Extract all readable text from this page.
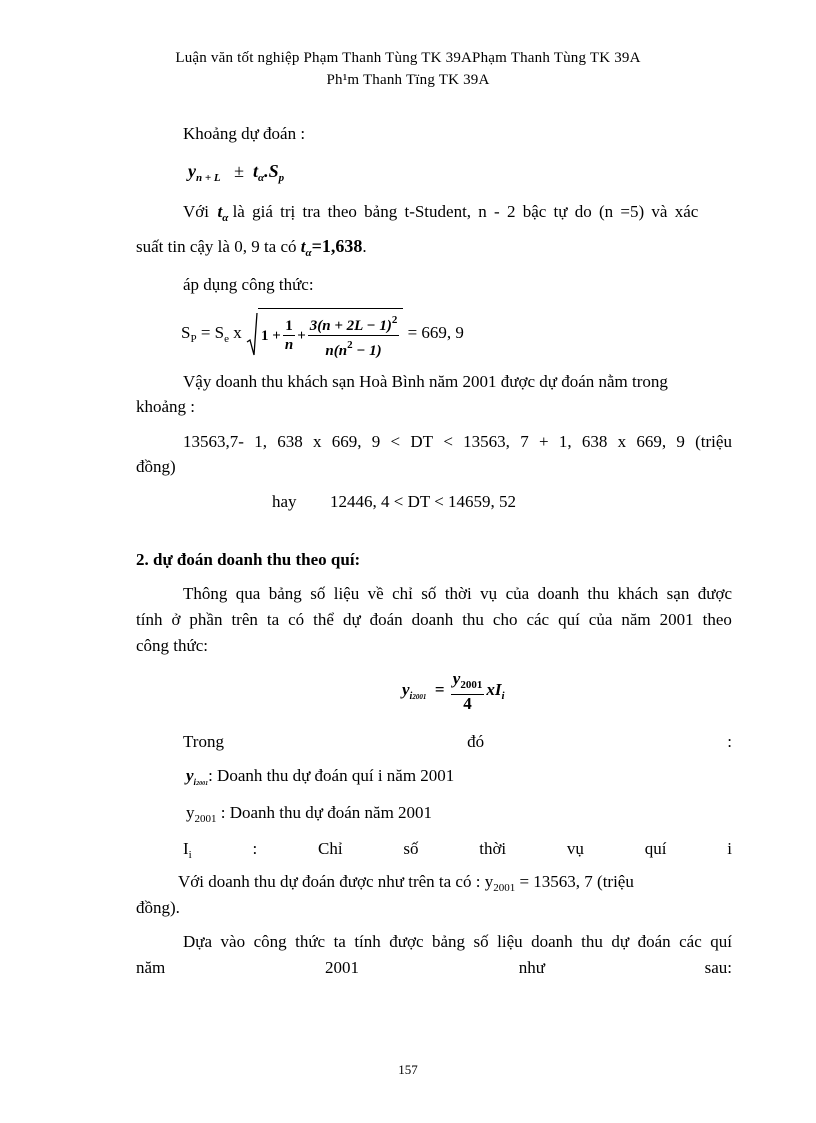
Luận văn tốt nghiệp Phạm Thanh Tùng TK 39APhạm Thanh Tùng TK 39A
Ph¹m Thanh Tïng TK 39A
Khoảng dự đoán :
$y_{n + L} \pm t_\alpha.S_p$
Với $t_\alpha$ là giá trị tra theo bảng t-Student, n - 2 bậc tự do (n =5) và xác
suất tin cậy là 0, 9 ta có $t_\alpha=1,638$.
áp dụng công thức:
$S_P = S_e$ x $1 + \frac{1}{n} + \frac{3(n + 2L - 1)^2}{n(n^2 - 1)} = 669$, 9
Vậy doanh thu khách sạn Hoà Bình năm 2001 được dự đoán nằm trong
khoảng :
13563,7- 1, 638 x 669, 9 < DT < 13563, 7 + 1, 638 x 669, 9 (triệu
đồng)
hay 12446, 4 < DT < 14659, 52
2. dự đoán doanh thu theo quí:
Thông qua bảng số liệu về chỉ số thời vụ của doanh thu khách sạn được
tính ở phần trên ta có thể dự đoán doanh thu cho các quí của năm 2001 theo
công thức:
$y_{i2001} = \frac{y_{2001}}{4} xI_i$
Trong	đó	:
$y_{i2001}$: Doanh thu dự đoán quí i năm 2001
$y_{2001}$ : Doanh thu dự đoán năm 2001
$I_i$	:	Chỉ	số	thời	vụ	quí	i
Với doanh thu dự đoán được như trên ta có : $y_{2001} = 13563$, 7 (triệu
đồng).
Dựa vào công thức ta tính được bảng số liệu doanh thu dự đoán các quí
năm	2001	như	sau:
157
